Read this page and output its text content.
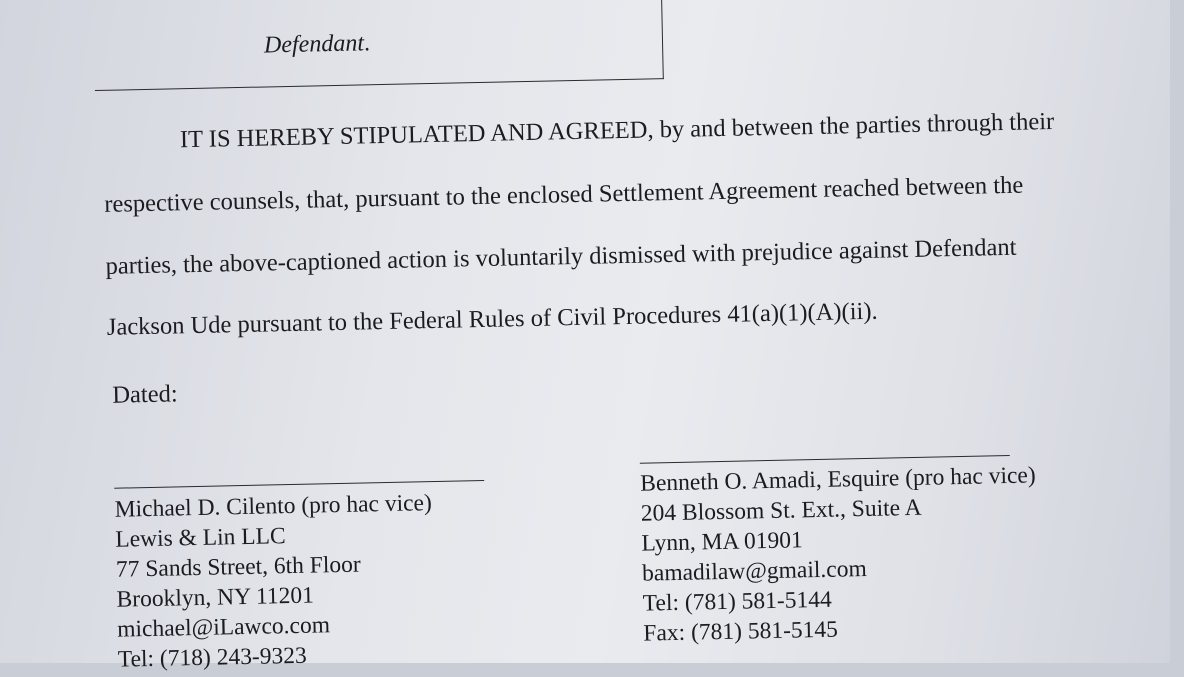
Defendant.
IT IS HEREBY STIPULATED AND AGREED, by and between the parties through their
respective counsels, that, pursuant to the enclosed Settlement Agreement reached between the
parties, the above-captioned action is voluntarily dismissed with prejudice against Defendant
Jackson Ude pursuant to the Federal Rules of Civil Procedures 41(a)(1)(A)(ii).
Dated:
Michael D. Cilento (pro hac vice)
Lewis & Lin LLC
77 Sands Street, 6th Floor
Brooklyn, NY 11201
michael@iLawco.com
Tel: (718) 243-9323
Benneth O. Amadi, Esquire (pro hac vice)
204 Blossom St. Ext., Suite A
Lynn, MA 01901
bamadilaw@gmail.com
Tel: (781) 581-5144
Fax: (781) 581-5145
